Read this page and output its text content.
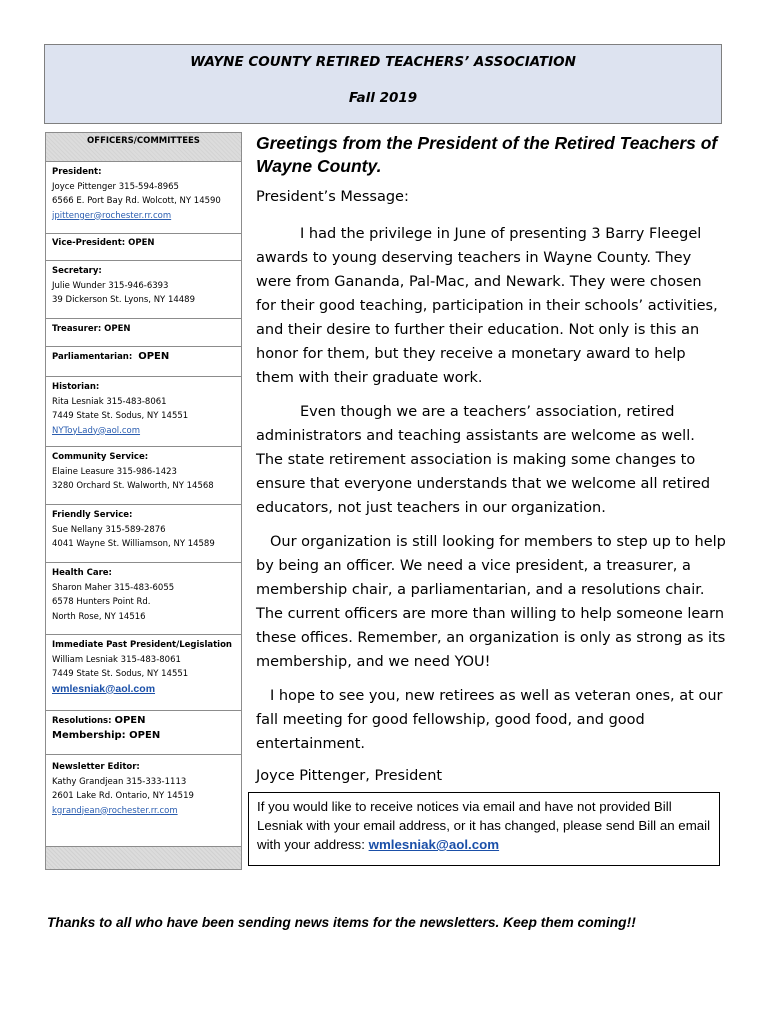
WAYNE COUNTY RETIRED TEACHERS’ ASSOCIATION
Fall 2019
OFFICERS/COMMITTEES
President:
Joyce Pittenger 315-594-8965
6566 E. Port Bay Rd. Wolcott, NY 14590
jpittenger@rochester.rr.com
Vice-President: OPEN
Secretary:
Julie Wunder 315-946-6393
39 Dickerson St. Lyons, NY 14489
Treasurer: OPEN
Parliamentarian: OPEN
Historian:
Rita Lesniak 315-483-8061
7449 State St. Sodus, NY 14551
NYToyLady@aol.com
Community Service:
Elaine Leasure 315-986-1423
3280 Orchard St. Walworth, NY 14568
Friendly Service:
Sue Nellany 315-589-2876
4041 Wayne St. Williamson, NY 14589
Health Care:
Sharon Maher 315-483-6055
6578 Hunters Point Rd.
North Rose, NY 14516
Immediate Past President/Legislation
William Lesniak 315-483-8061
7449 State St. Sodus, NY 14551
wmlesniak@aol.com
Resolutions: OPEN
Membership: OPEN
Newsletter Editor:
Kathy Grandjean 315-333-1113
2601 Lake Rd. Ontario, NY 14519
kgrandjean@rochester.rr.com
Greetings from the President of the Retired Teachers of Wayne County.
President’s Message:
I had the privilege in June of presenting 3 Barry Fleegel awards to young deserving teachers in Wayne County. They were from Gananda, Pal-Mac, and Newark. They were chosen for their good teaching, participation in their schools’ activities, and their desire to further their education. Not only is this an honor for them, but they receive a monetary award to help them with their graduate work.
Even though we are a teachers’ association, retired administrators and teaching assistants are welcome as well. The state retirement association is making some changes to ensure that everyone understands that we welcome all retired educators, not just teachers in our organization.
Our organization is still looking for members to step up to help by being an officer. We need a vice president, a treasurer, a membership chair, a parliamentarian, and a resolutions chair. The current officers are more than willing to help someone learn these offices. Remember, an organization is only as strong as its membership, and we need YOU!
I hope to see you, new retirees as well as veteran ones, at our fall meeting for good fellowship, good food, and good entertainment.
Joyce Pittenger, President
If you would like to receive notices via email and have not provided Bill Lesniak with your email address, or it has changed, please send Bill an email with your address: wmlesniak@aol.com
Thanks to all who have been sending news items for the newsletters. Keep them coming!!
